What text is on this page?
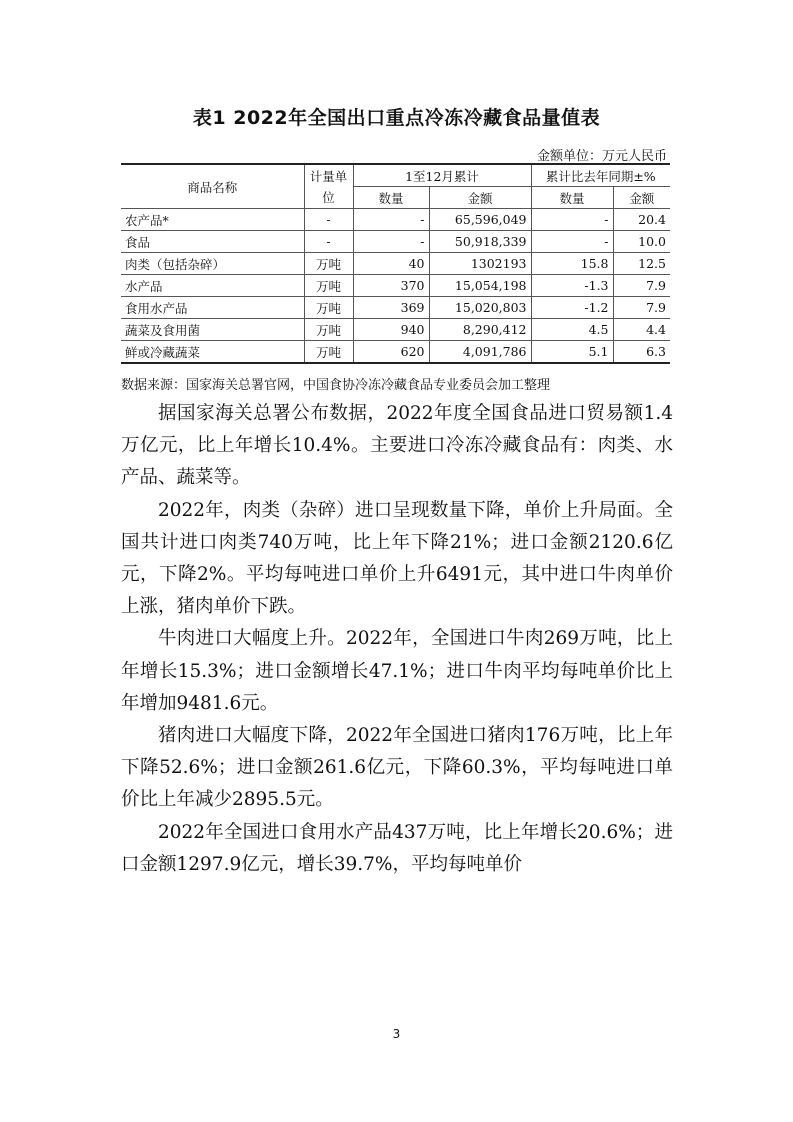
表1 2022年全国出口重点冷冻冷藏食品量值表
金额单位：万元人民币
商品名称	计量单位	1至12月累计		累计比去年同期±%	
		数量	金额	数量	金额
农产品*	-	-	65,596,049	-	20.4
食品	-	-	50,918,339	-	10.0
肉类（包括杂碎）	万吨	40	1302193	15.8	12.5
水产品	万吨	370	15,054,198	-1.3	7.9
食用水产品	万吨	369	15,020,803	-1.2	7.9
蔬菜及食用菌	万吨	940	8,290,412	4.5	4.4
鲜或冷藏蔬菜	万吨	620	4,091,786	5.1	6.3
数据来源：国家海关总署官网，中国食协冷冻冷藏食品专业委员会加工整理

据国家海关总署公布数据，2022年度全国食品进口贸易额1.4万亿元，比上年增长10.4%。主要进口冷冻冷藏食品有：肉类、水产品、蔬菜等。

2022年，肉类（杂碎）进口呈现数量下降，单价上升局面。全国共计进口肉类740万吨，比上年下降21%；进口金额2120.6亿元，下降2%。平均每吨进口单价上升6491元，其中进口牛肉单价上涨，猪肉单价下跌。

牛肉进口大幅度上升。2022年，全国进口牛肉269万吨，比上年增长15.3%；进口金额增长47.1%；进口牛肉平均每吨单价比上年增加9481.6元。

猪肉进口大幅度下降，2022年全国进口猪肉176万吨，比上年下降52.6%；进口金额261.6亿元，下降60.3%，平均每吨进口单价比上年减少2895.5元。

2022年全国进口食用水产品437万吨，比上年增长20.6%；进口金额1297.9亿元，增长39.7%，平均每吨单价

3
